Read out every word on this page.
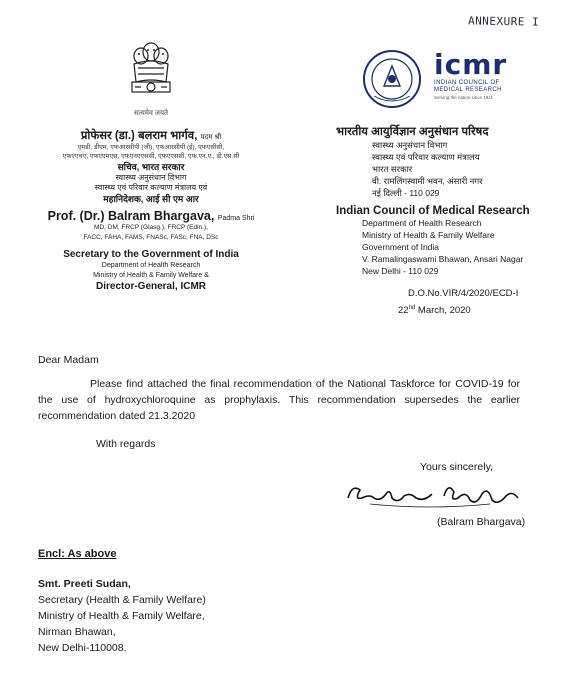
ANNEXURE I
सत्यमेव जयते
प्रोफेसर (डा.) बलराम भार्गव, पदम श्री
एमडी, डीएम, एफआरसीपी (जी), एफआरसीपी (ई), एफएसीसी,
एफएएचए, एफएएमएस, एफएनएएससी, एफएएससी, एफ.एन.ए., डी.एस.सी
सचिव, भारत सरकार
स्वास्थ्य अनुसंधान विभाग
स्वास्थ्य एवं परिवार कल्याण मंत्रालय एवं
महानिदेशक, आई सी एम आर
Prof. (Dr.) Balram Bhargava, Padma Shri
MD, DM, FRCP (Glasg.), FRCP (Edin.),
FACC, FAHA, FAMS, FNASc, FASc, FNA, DSc
Secretary to the Government of India
Department of Health Research
Ministry of Health & Family Welfare &
Director-General, ICMR
icmr
INDIAN COUNCIL OF
MEDICAL RESEARCH
Serving the nation since 1911
भारतीय आयुर्विज्ञान अनुसंधान परिषद
स्वास्थ्य अनुसंधान विभाग
स्वास्थ्य एवं परिवार कल्याण मंत्रालय
भारत सरकार
वी. रामलिंगस्वामी भवन, अंसारी नगर
नई दिल्ली - 110 029
Indian Council of Medical Research
Department of Health Research
Ministry of Health & Family Welfare
Government of India
V. Ramalingaswami Bhawan, Ansari Nagar
New Delhi - 110 029
D.O.No.VIR/4/2020/ECD-I
22nd March, 2020
Dear Madam
Please find attached the final recommendation of the National Taskforce for COVID-19 for the use of hydroxychloroquine as prophylaxis. This recommendation supersedes the earlier recommendation dated 21.3.2020
With regards
Yours sincerely,
(Balram Bhargava)
Encl: As above
Smt. Preeti Sudan,
Secretary (Health & Family Welfare)
Ministry of Health & Family Welfare,
Nirman Bhawan,
New Delhi-110008.
